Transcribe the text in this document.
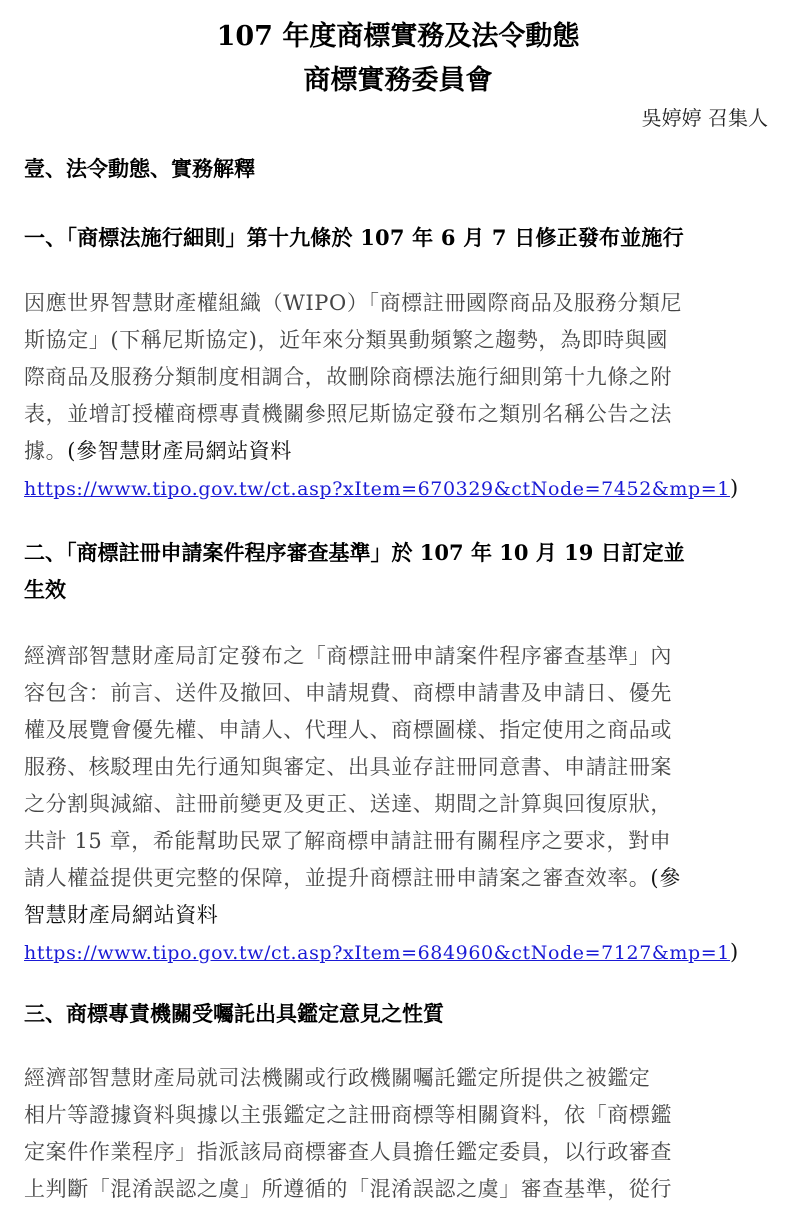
107 年度商標實務及法令動態
商標實務委員會
吳婷婷 召集人
壹、法令動態、實務解釋
一、「商標法施行細則」第十九條於 107 年 6 月 7 日修正發布並施行
因應世界智慧財產權組織（WIPO）「商標註冊國際商品及服務分類尼
斯協定」(下稱尼斯協定)，近年來分類異動頻繁之趨勢，為即時與國
際商品及服務分類制度相調合，故刪除商標法施行細則第十九條之附
表，並增訂授權商標專責機關參照尼斯協定發布之類別名稱公告之法
據。(參智慧財產局網站資料
https://www.tipo.gov.tw/ct.asp?xItem=670329&ctNode=7452&mp=1)
二、「商標註冊申請案件程序審查基準」於 107 年 10 月 19 日訂定並
生效
經濟部智慧財產局訂定發布之「商標註冊申請案件程序審查基準」內
容包含：前言、送件及撤回、申請規費、商標申請書及申請日、優先
權及展覽會優先權、申請人、代理人、商標圖樣、指定使用之商品或
服務、核駁理由先行通知與審定、出具並存註冊同意書、申請註冊案
之分割與減縮、註冊前變更及更正、送達、期間之計算與回復原狀，
共計 15 章，希能幫助民眾了解商標申請註冊有關程序之要求，對申
請人權益提供更完整的保障，並提升商標註冊申請案之審查效率。(參
智慧財產局網站資料
https://www.tipo.gov.tw/ct.asp?xItem=684960&ctNode=7127&mp=1)
三、商標專責機關受囑託出具鑑定意見之性質
經濟部智慧財產局就司法機關或行政機關囑託鑑定所提供之被鑑定
相片等證據資料與據以主張鑑定之註冊商標等相關資料，依「商標鑑
定案件作業程序」指派該局商標審查人員擔任鑑定委員，以行政審查
上判斷「混淆誤認之虞」所遵循的「混淆誤認之虞」審查基準，從行
